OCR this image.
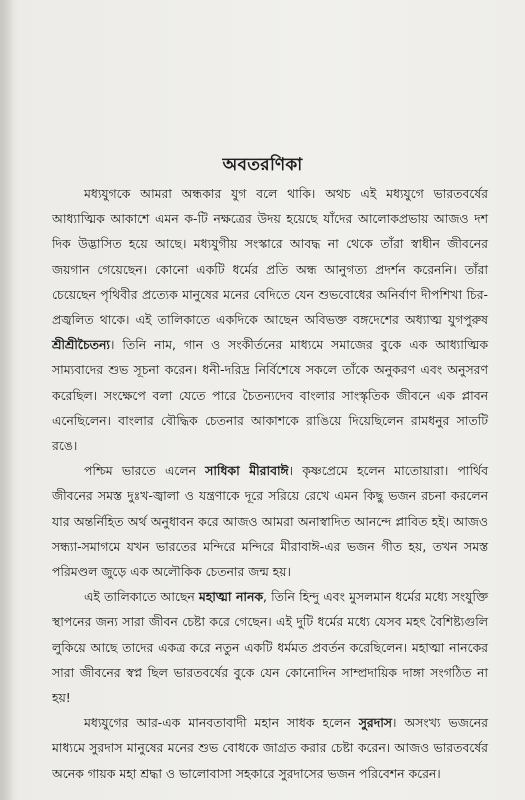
অবতরণিকা

মধ্যযুগকে আমরা অন্ধকার যুগ বলে থাকি। অথচ এই মধ্যযুগে ভারতবর্ষের আধ্যাত্মিক আকাশে এমন ক-টি নক্ষত্রের উদয় হয়েছে যাঁদের আলোকপ্রভায় আজও দশ দিক উদ্ভাসিত হয়ে আছে। মধ্যযুগীয় সংস্কারে আবদ্ধ না থেকে তাঁরা স্বাধীন জীবনের জয়গান গেয়েছেন। কোনো একটি ধর্মের প্রতি অন্ধ আনুগত্য প্রদর্শন করেননি। তাঁরা চেয়েছেন পৃথিবীর প্রত্যেক মানুষের মনের বেদিতে যেন শুভবোধের অনির্বাণ দীপশিখা চির-প্রজ্বলিত থাকে। এই তালিকাতে একদিকে আছেন অবিভক্ত বঙ্গদেশের অধ্যাত্ম যুগপুরুষ শ্রীশ্রীচৈতন্য। তিনি নাম, গান ও সংকীর্তনের মাধ্যমে সমাজের বুকে এক আধ্যাত্মিক সাম্যবাদের শুভ সূচনা করেন। ধনী-দরিদ্র নির্বিশেষে সকলে তাঁকে অনুকরণ এবং অনুসরণ করেছিল। সংক্ষেপে বলা যেতে পারে চৈতন্যদেব বাংলার সাংস্কৃতিক জীবনে এক প্লাবন এনেছিলেন। বাংলার বৌদ্ধিক চেতনার আকাশকে রাঙিয়ে দিয়েছিলেন রামধনুর সাতটি রঙে।

পশ্চিম ভারতে এলেন সাধিকা মীরাবাঈ। কৃষ্ণপ্রেমে হলেন মাতোয়ারা। পার্থিব জীবনের সমস্ত দুঃখ-জ্বালা ও যন্ত্রণাকে দূরে সরিয়ে রেখে এমন কিছু ভজন রচনা করলেন যার অন্তর্নিহিত অর্থ অনুধাবন করে আজও আমরা অনাস্বাদিত আনন্দে প্লাবিত হই। আজও সন্ধ্যা-সমাগমে যখন ভারতের মন্দিরে মন্দিরে মীরাবাঈ-এর ভজন গীত হয়, তখন সমস্ত পরিমণ্ডল জুড়ে এক অলৌকিক চেতনার জন্ম হয়।

এই তালিকাতে আছেন মহাত্মা নানক, তিনি হিন্দু এবং মুসলমান ধর্মের মধ্যে সংযুক্তি স্থাপনের জন্য সারা জীবন চেষ্টা করে গেছেন। এই দুটি ধর্মের মধ্যে যেসব মহৎ বৈশিষ্ট্যগুলি লুকিয়ে আছে তাদের একত্র করে নতুন একটি ধর্মমত প্রবর্তন করেছিলেন। মহাত্মা নানকের সারা জীবনের স্বপ্ন ছিল ভারতবর্ষের বুকে যেন কোনোদিন সাম্প্রদায়িক দাঙ্গা সংগঠিত না হয়!

মধ্যযুগের আর-এক মানবতাবাদী মহান সাধক হলেন সুরদাস। অসংখ্য ভজনের মাধ্যমে সুরদাস মানুষের মনের শুভ বোধকে জাগ্রত করার চেষ্টা করেন। আজও ভারতবর্ষের অনেক গায়ক মহা শ্রদ্ধা ও ভালোবাসা সহকারে সুরদাসের ভজন পরিবেশন করেন।
